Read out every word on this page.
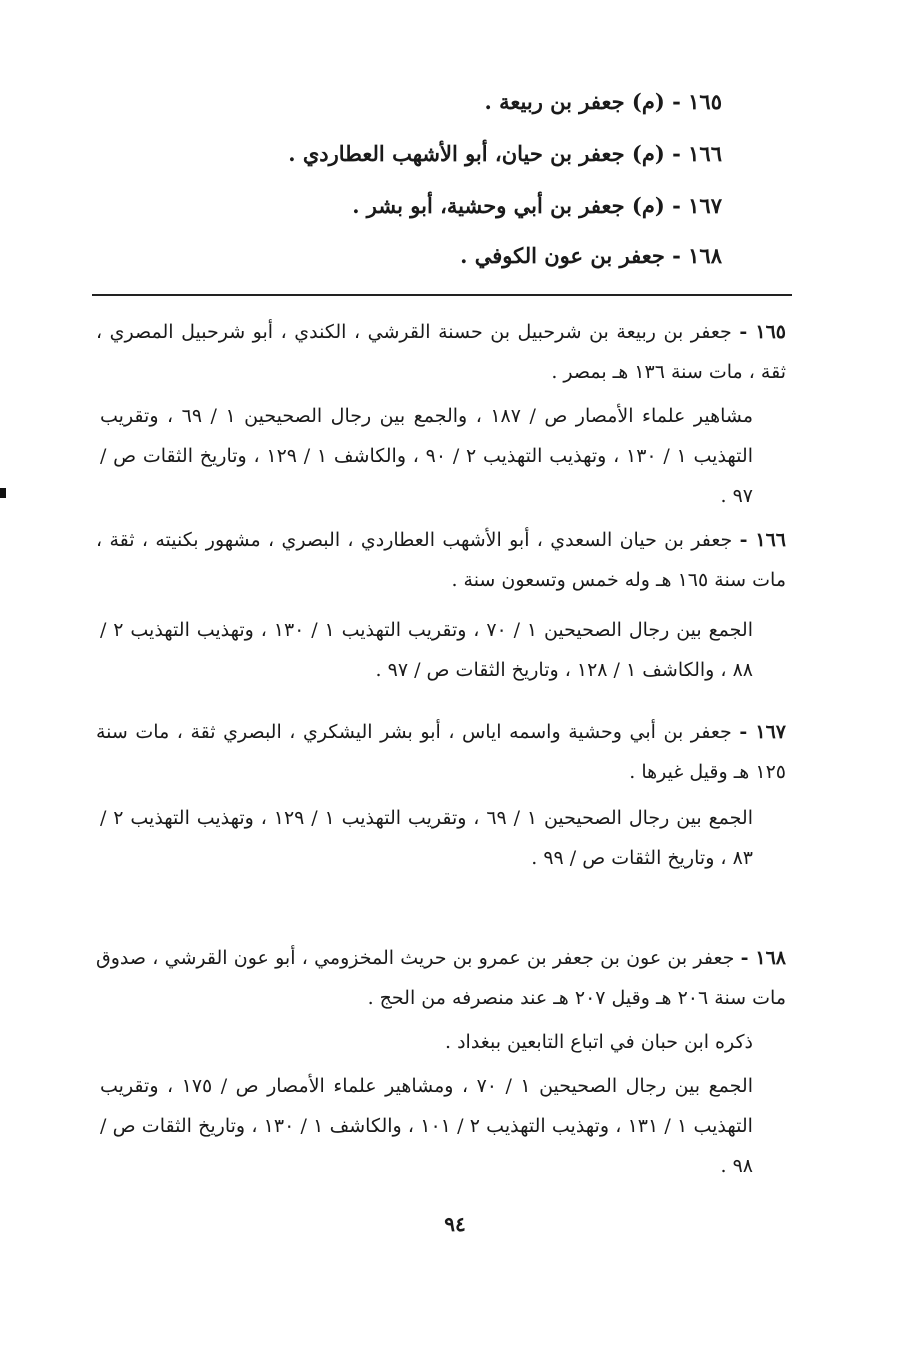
١٦٥ - (م) جعفر بن ربيعة .
١٦٦ - (م) جعفر بن حيان، أبو الأشهب العطاردي .
١٦٧ - (م) جعفر بن أبي وحشية، أبو بشر .
١٦٨ - جعفر بن عون الكوفي .
١٦٥ - جعفر بن ربيعة بن شرحبيل بن حسنة القرشي ، الكندي ، أبو شرحبيل المصري ، ثقة ، مات سنة ١٣٦ هـ بمصر .
مشاهير علماء الأمصار ص / ١٨٧ ، والجمع بين رجال الصحيحين ١ / ٦٩ ، وتقريب التهذيب ١ / ١٣٠ ، وتهذيب التهذيب ٢ / ٩٠ ، والكاشف ١ / ١٢٩ ، وتاريخ الثقات ص / ٩٧ .
١٦٦ - جعفر بن حيان السعدي ، أبو الأشهب العطاردي ، البصري ، مشهور بكنيته ، ثقة ، مات سنة ١٦٥ هـ وله خمس وتسعون سنة .
الجمع بين رجال الصحيحين ١ / ٧٠ ، وتقريب التهذيب ١ / ١٣٠ ، وتهذيب التهذيب ٢ / ٨٨ ، والكاشف ١ / ١٢٨ ، وتاريخ الثقات ص / ٩٧ .
١٦٧ - جعفر بن أبي وحشية واسمه اياس ، أبو بشر اليشكري ، البصري ثقة ، مات سنة ١٢٥ هـ وقيل غيرها .
الجمع بين رجال الصحيحين ١ / ٦٩ ، وتقريب التهذيب ١ / ١٢٩ ، وتهذيب التهذيب ٢ / ٨٣ ، وتاريخ الثقات ص / ٩٩ .
١٦٨ - جعفر بن عون بن جعفر بن عمرو بن حريث المخزومي ، أبو عون القرشي ، صدوق مات سنة ٢٠٦ هـ وقيل ٢٠٧ هـ عند منصرفه من الحج .
ذكره ابن حبان في اتباع التابعين ببغداد .
الجمع بين رجال الصحيحين ١ / ٧٠ ، ومشاهير علماء الأمصار ص / ١٧٥ ، وتقريب التهذيب ١ / ١٣١ ، وتهذيب التهذيب ٢ / ١٠١ ، والكاشف ١ / ١٣٠ ، وتاريخ الثقات ص / ٩٨ .
٩٤
